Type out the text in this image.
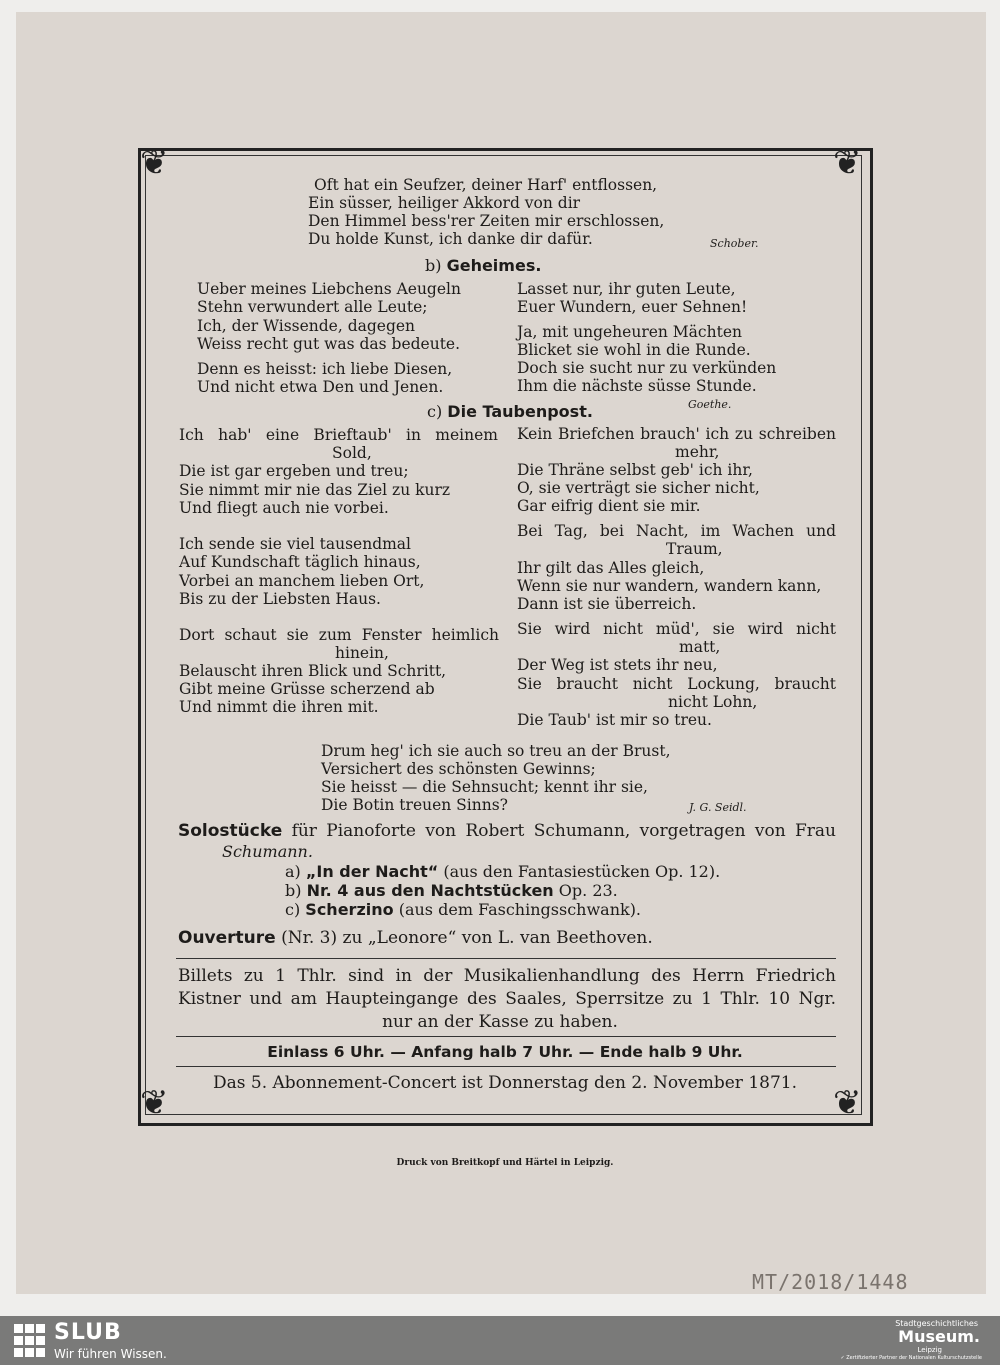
❦	❦
❦	❦
Oft hat ein Seufzer, deiner Harf' entflossen,
Ein süsser, heiliger Akkord von dir
Den Himmel bess'rer Zeiten mir erschlossen,
Du holde Kunst, ich danke dir dafür.	Schober.
b) Geheimes.
Ueber meines Liebchens Aeugeln
Stehn verwundert alle Leute;
Ich, der Wissende, dagegen
Weiss recht gut was das bedeute.
Denn es heisst: ich liebe Diesen,
Und nicht etwa Den und Jenen.
Lasset nur, ihr guten Leute,
Euer Wundern, euer Sehnen!
Ja, mit ungeheuren Mächten
Blicket sie wohl in die Runde.
Doch sie sucht nur zu verkünden
Ihm die nächste süsse Stunde.
Goethe.
c) Die Taubenpost.
Ich hab' eine Brieftaub' in meinem
Sold,
Die ist gar ergeben und treu;
Sie nimmt mir nie das Ziel zu kurz
Und fliegt auch nie vorbei.
Ich sende sie viel tausendmal
Auf Kundschaft täglich hinaus,
Vorbei an manchem lieben Ort,
Bis zu der Liebsten Haus.
Dort schaut sie zum Fenster heimlich
hinein,
Belauscht ihren Blick und Schritt,
Gibt meine Grüsse scherzend ab
Und nimmt die ihren mit.
Kein Briefchen brauch' ich zu schreiben
mehr,
Die Thräne selbst geb' ich ihr,
O, sie verträgt sie sicher nicht,
Gar eifrig dient sie mir.
Bei Tag, bei Nacht, im Wachen und
Traum,
Ihr gilt das Alles gleich,
Wenn sie nur wandern, wandern kann,
Dann ist sie überreich.
Sie wird nicht müd', sie wird nicht
matt,
Der Weg ist stets ihr neu,
Sie braucht nicht Lockung, braucht
nicht Lohn,
Die Taub' ist mir so treu.
Drum heg' ich sie auch so treu an der Brust,
Versichert des schönsten Gewinns;
Sie heisst — die Sehnsucht; kennt ihr sie,
Die Botin treuen Sinns?	J. G. Seidl.
Solostücke für Pianoforte von Robert Schumann, vorgetragen von Frau
Schumann.
a) „In der Nacht“ (aus den Fantasiestücken Op. 12).
b) Nr. 4 aus den Nachtstücken Op. 23.
c) Scherzino (aus dem Faschingsschwank).
Ouverture (Nr. 3) zu „Leonore“ von L. van Beethoven.
Billets zu 1 Thlr. sind in der Musikalienhandlung des Herrn Friedrich
Kistner und am Haupteingange des Saales, Sperrsitze zu 1 Thlr. 10 Ngr.
nur an der Kasse zu haben.
Einlass 6 Uhr. — Anfang halb 7 Uhr. — Ende halb 9 Uhr.
Das 5. Abonnement-Concert ist Donnerstag den 2. November 1871.
Druck von Breitkopf und Härtel in Leipzig.
MT/2018/1448
SLUB
Wir führen Wissen.
Stadtgeschichtliches
Museum.
Leipzig
✓ Zertifizierter Partner der Nationalen Kulturschutzstelle
